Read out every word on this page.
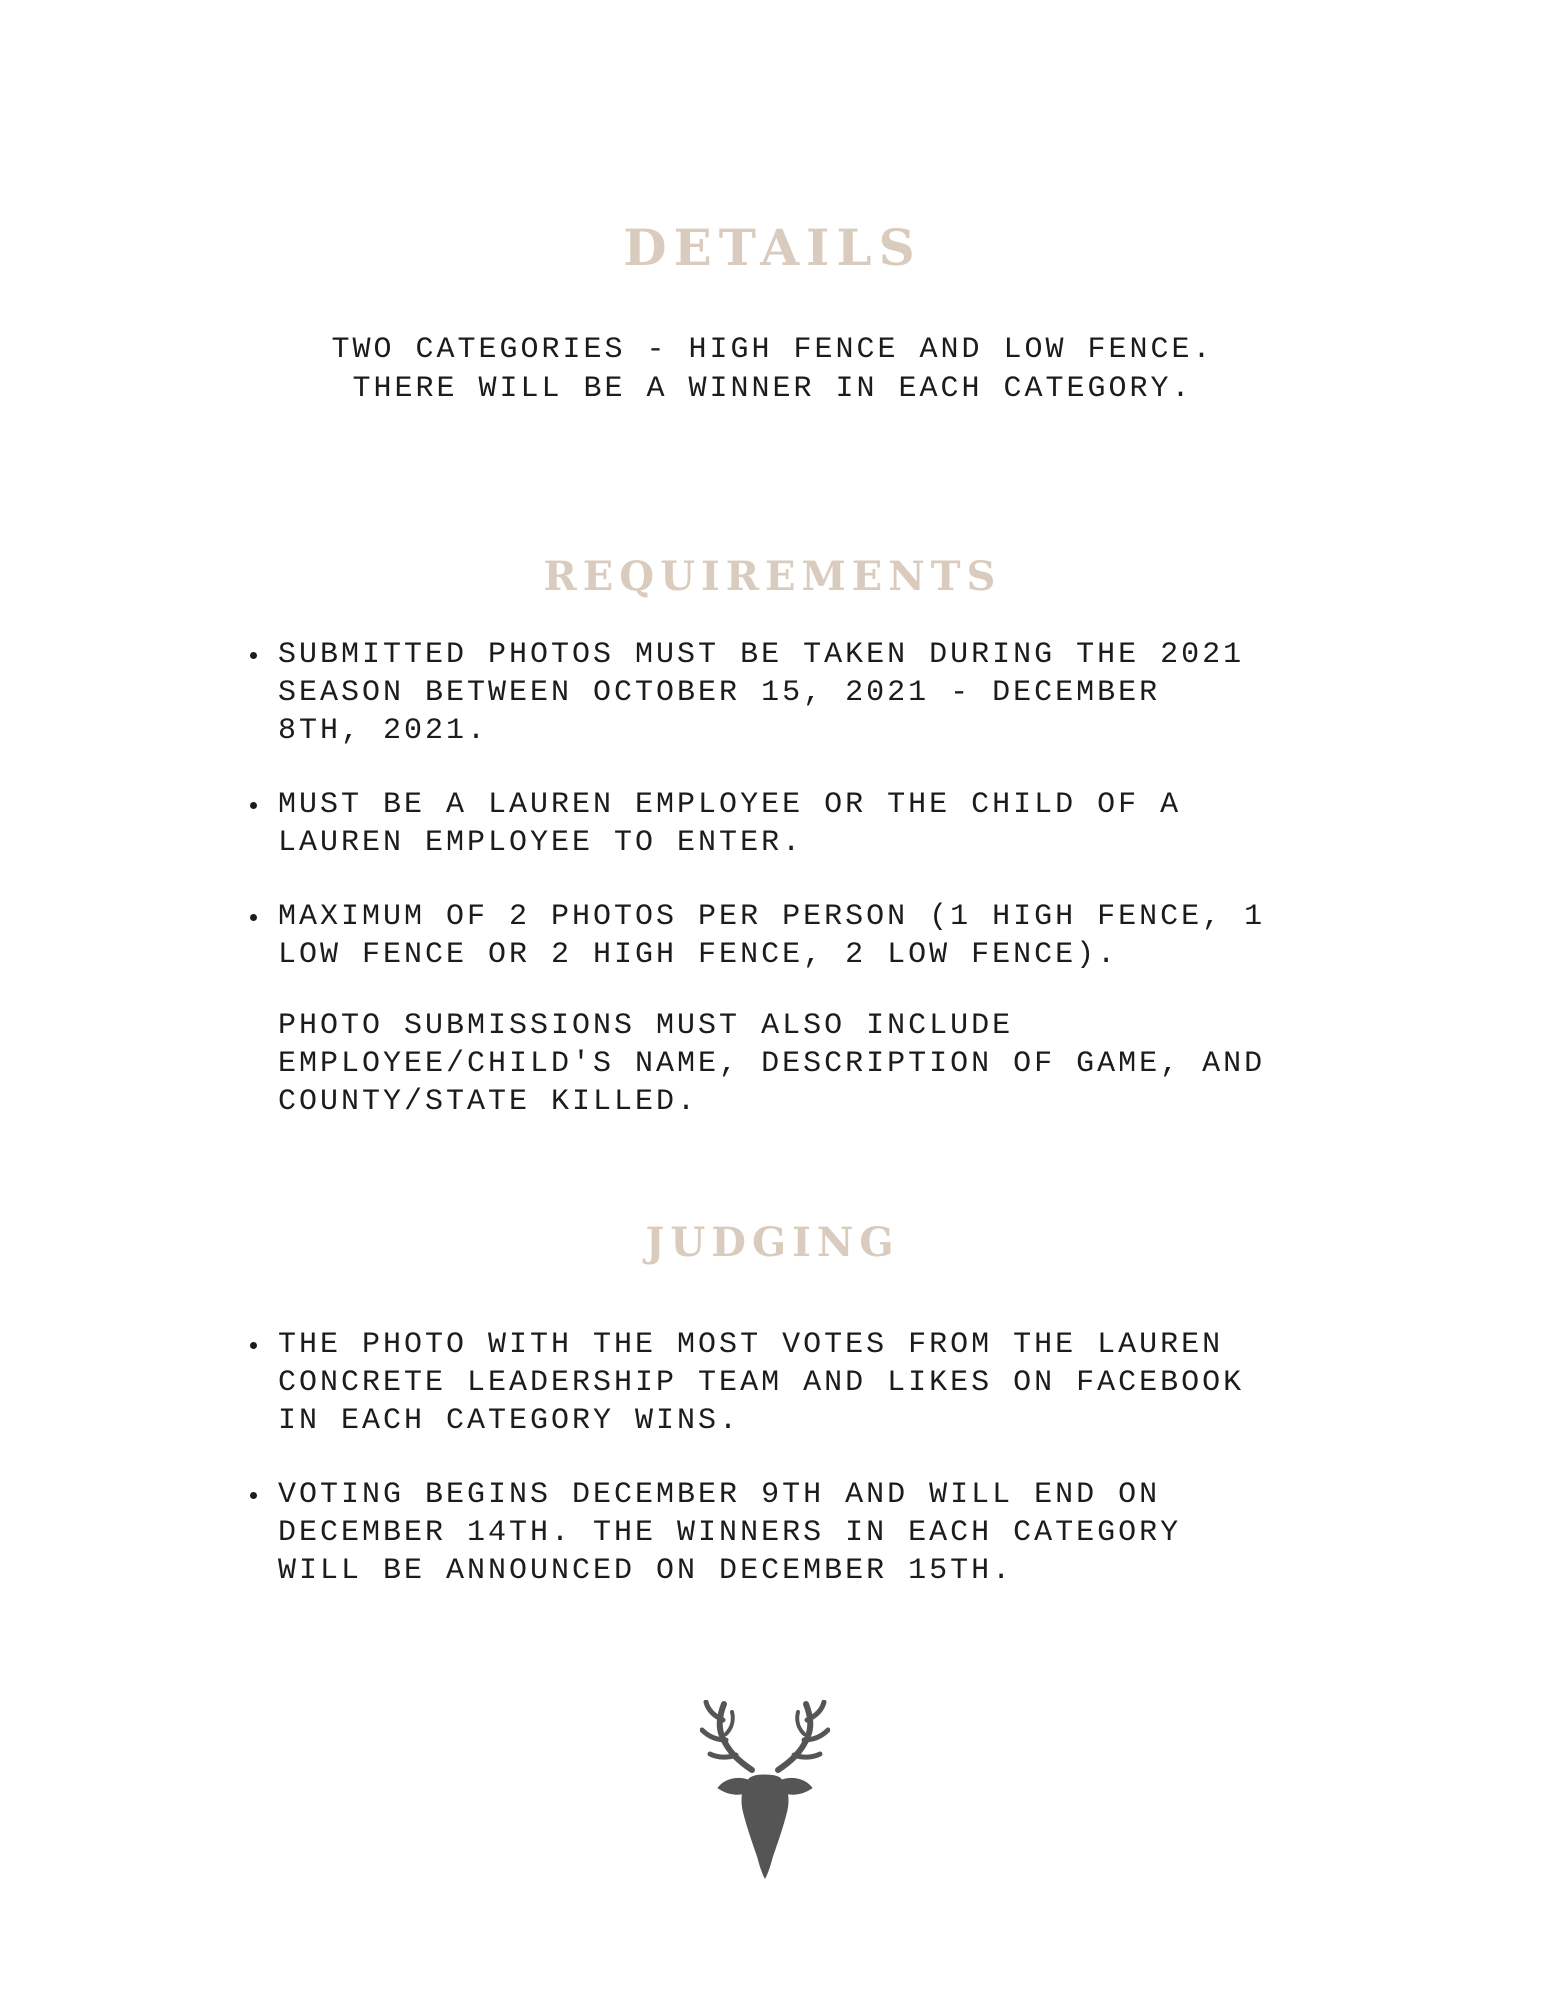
DETAILS

TWO CATEGORIES - HIGH FENCE AND LOW FENCE.
THERE WILL BE A WINNER IN EACH CATEGORY.

REQUIREMENTS
SUBMITTED PHOTOS MUST BE TAKEN DURING THE 2021
SEASON BETWEEN OCTOBER 15, 2021 - DECEMBER
8TH, 2021.
MUST BE A LAUREN EMPLOYEE OR THE CHILD OF A
LAUREN EMPLOYEE TO ENTER.
MAXIMUM OF 2 PHOTOS PER PERSON (1 HIGH FENCE, 1
LOW FENCE OR 2 HIGH FENCE, 2 LOW FENCE).

PHOTO SUBMISSIONS MUST ALSO INCLUDE
EMPLOYEE/CHILD'S NAME, DESCRIPTION OF GAME, AND
COUNTY/STATE KILLED.

JUDGING
THE PHOTO WITH THE MOST VOTES FROM THE LAUREN
CONCRETE LEADERSHIP TEAM AND LIKES ON FACEBOOK
IN EACH CATEGORY WINS.
VOTING BEGINS DECEMBER 9TH AND WILL END ON
DECEMBER 14TH. THE WINNERS IN EACH CATEGORY
WILL BE ANNOUNCED ON DECEMBER 15TH.
